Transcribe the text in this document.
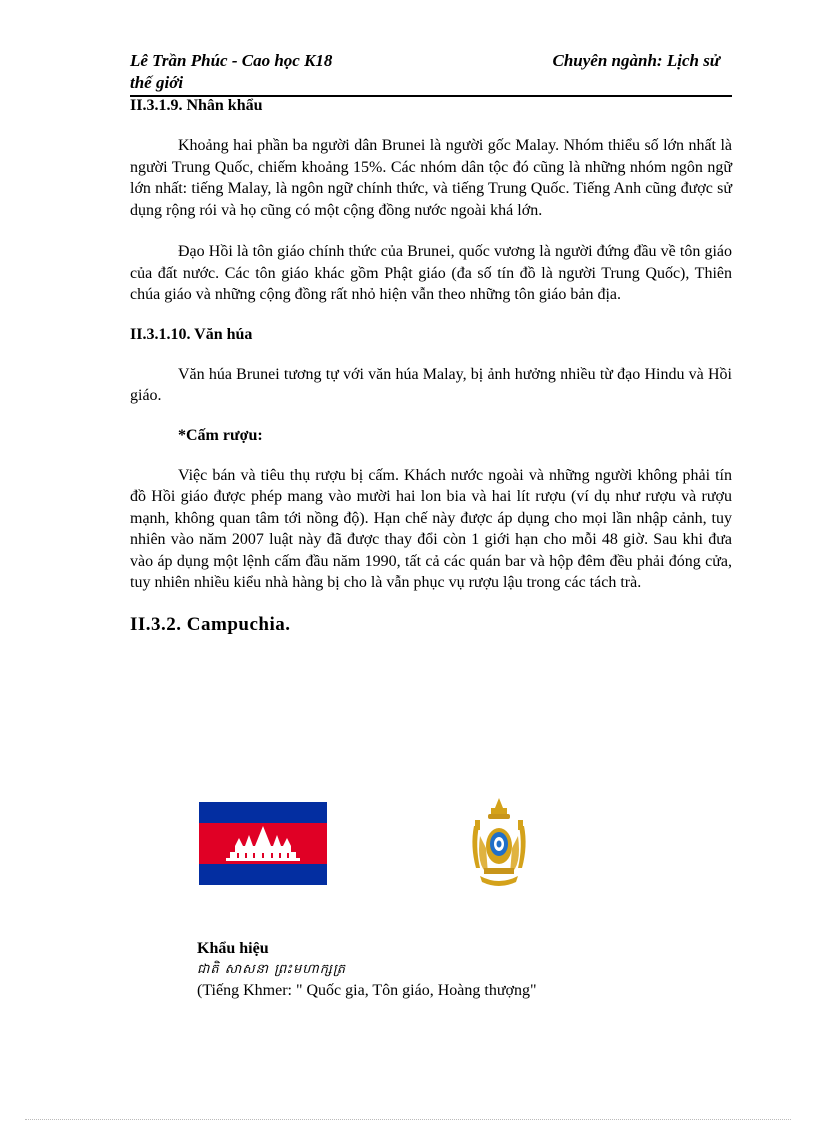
Lê Trần Phúc - Cao học K18	Chuyên ngành: Lịch sử
thế giới
II.3.1.9. Nhân khẩu

Khoảng hai phần ba người dân Brunei là người gốc Malay. Nhóm thiểu số lớn nhất là người Trung Quốc, chiếm khoảng 15%. Các nhóm dân tộc đó cũng là những nhóm ngôn ngữ lớn nhất: tiếng Malay, là ngôn ngữ chính thức, và tiếng Trung Quốc. Tiếng Anh cũng được sử dụng rộng rói và họ cũng có một cộng đồng nước ngoài khá lớn.

Đạo Hồi là tôn giáo chính thức của Brunei, quốc vương là người đứng đầu về tôn giáo của đất nước. Các tôn giáo khác gồm Phật giáo (đa số tín đồ là người Trung Quốc), Thiên chúa giáo và những cộng đồng rất nhỏ hiện vẫn theo những tôn giáo bản địa.

II.3.1.10. Văn húa

Văn húa Brunei tương tự với văn húa Malay, bị ảnh hưởng nhiều từ đạo Hindu và Hồi giáo.

*Cấm rượu:

Việc bán và tiêu thụ rượu bị cấm. Khách nước ngoài và những người không phải tín đồ Hồi giáo được phép mang vào mười hai lon bia và hai lít rượu (ví dụ như rượu và rượu mạnh, không quan tâm tới nồng độ). Hạn chế này được áp dụng cho mọi lần nhập cảnh, tuy nhiên vào năm 2007 luật này đã được thay đổi còn 1 giới hạn cho mỗi 48 giờ. Sau khi đưa vào áp dụng một lệnh cấm đầu năm 1990, tất cả các quán bar và hộp đêm đều phải đóng cửa, tuy nhiên nhiều kiểu nhà hàng bị cho là vẫn phục vụ rượu lậu trong các tách trà.

II.3.2. Campuchia.

Khẩu hiệu
ជាតិ សាសនា ព្រះមហាក្សត្រ
(Tiếng Khmer: " Quốc gia, Tôn giáo, Hoàng thượng"
